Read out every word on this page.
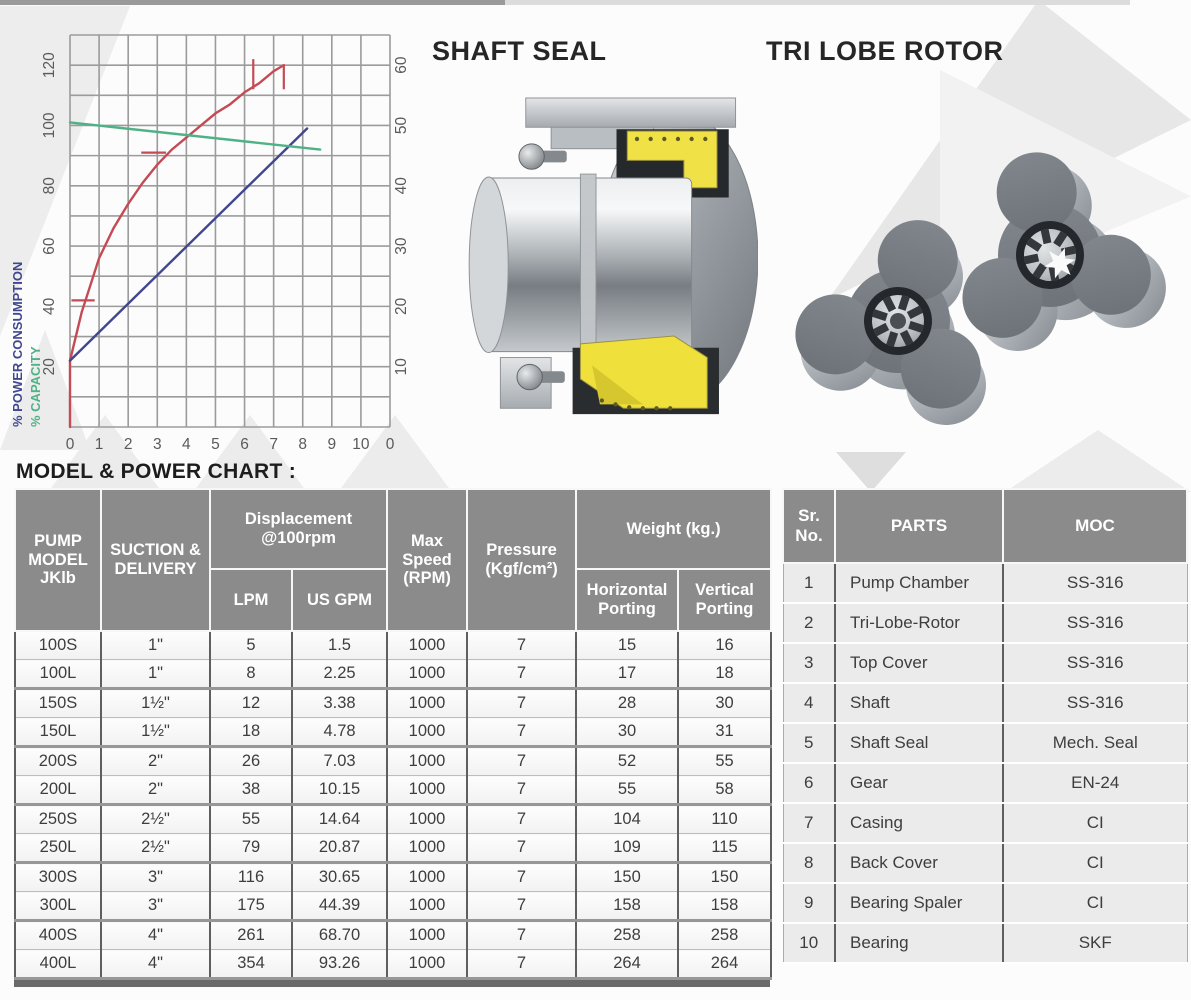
0 1 2 3 4 5 6 7 8 9 10 0
20
40
60
80
100
120
10
20
30
40
50
60
% POWER CONSUMPTION % CAPACITY
SHAFT SEAL	TRI LOBE ROTOR
MODEL & POWER CHART :
PUMP MODEL JKlb	SUCTION & DELIVERY	Displacement @100rpm		Max Speed (RPM)	Pressure (Kgf/cm²)	Weight (kg.)	
		LPM	US GPM			Horizontal Porting	Vertical Porting
100S	1"	5	1.5	1000	7	15	16
100L	1"	8	2.25	1000	7	17	18
150S	1½"	12	3.38	1000	7	28	30
150L	1½"	18	4.78	1000	7	30	31
200S	2"	26	7.03	1000	7	52	55
200L	2"	38	10.15	1000	7	55	58
250S	2½"	55	14.64	1000	7	104	110
250L	2½"	79	20.87	1000	7	109	115
300S	3"	116	30.65	1000	7	150	150
300L	3"	175	44.39	1000	7	158	158
400S	4"	261	68.70	1000	7	258	258
400L	4"	354	93.26	1000	7	264	264
Sr. No.	PARTS	MOC
1	Pump Chamber	SS-316
2	Tri-Lobe-Rotor	SS-316
3	Top Cover	SS-316
4	Shaft	SS-316
5	Shaft Seal	Mech. Seal
6	Gear	EN-24
7	Casing	CI
8	Back Cover	CI
9	Bearing Spaler	CI
10	Bearing	SKF
